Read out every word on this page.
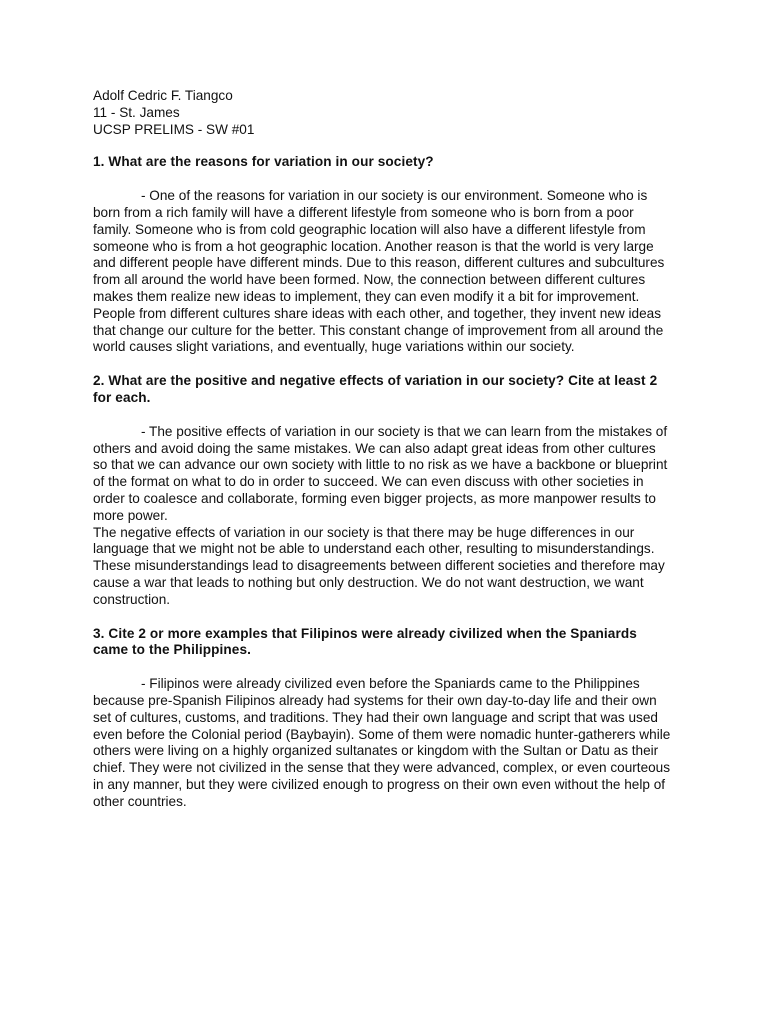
Adolf Cedric F. Tiangco

11 - St. James

UCSP PRELIMS - SW #01

1. What are the reasons for variation in our society?

- One of the reasons for variation in our society is our environment. Someone who is born from a rich family will have a different lifestyle from someone who is born from a poor family. Someone who is from cold geographic location will also have a different lifestyle from someone who is from a hot geographic location. Another reason is that the world is very large and different people have different minds. Due to this reason, different cultures and subcultures from all around the world have been formed. Now, the connection between different cultures makes them realize new ideas to implement, they can even modify it a bit for improvement. People from different cultures share ideas with each other, and together, they invent new ideas that change our culture for the better. This constant change of improvement from all around the world causes slight variations, and eventually, huge variations within our society.

2. What are the positive and negative effects of variation in our society? Cite at least 2 for each.

- The positive effects of variation in our society is that we can learn from the mistakes of others and avoid doing the same mistakes. We can also adapt great ideas from other cultures so that we can advance our own society with little to no risk as we have a backbone or blueprint of the format on what to do in order to succeed. We can even discuss with other societies in order to coalesce and collaborate, forming even bigger projects, as more manpower results to more power.

The negative effects of variation in our society is that there may be huge differences in our language that we might not be able to understand each other, resulting to misunderstandings. These misunderstandings lead to disagreements between different societies and therefore may cause a war that leads to nothing but only destruction. We do not want destruction, we want construction.

3. Cite 2 or more examples that Filipinos were already civilized when the Spaniards came to the Philippines.

- Filipinos were already civilized even before the Spaniards came to the Philippines because pre-Spanish Filipinos already had systems for their own day-to-day life and their own set of cultures, customs, and traditions. They had their own language and script that was used even before the Colonial period (Baybayin). Some of them were nomadic hunter-gatherers while others were living on a highly organized sultanates or kingdom with the Sultan or Datu as their chief. They were not civilized in the sense that they were advanced, complex, or even courteous in any manner, but they were civilized enough to progress on their own even without the help of other countries.
